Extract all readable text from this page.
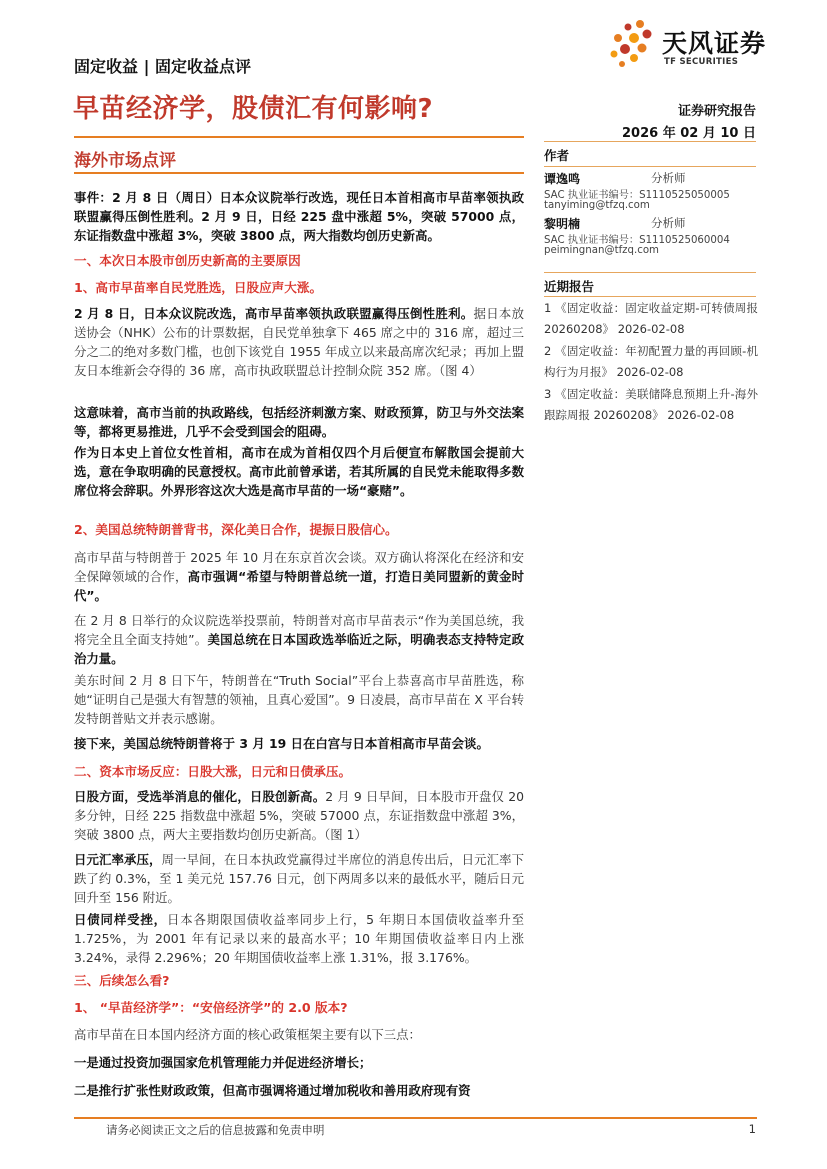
天风证券
TF SECURITIES
固定收益 | 固定收益点评
早苗经济学，股债汇有何影响?	证券研究报告
2026 年 02 月 10 日
海外市场点评	作者
谭逸鸣	分析师
SAC 执业证书编号：S1110525050005
tanyiming@tfzq.com
黎明楠	分析师
SAC 执业证书编号：S1110525060004
peimingnan@tfzq.com
近期报告
1 《固定收益：固定收益定期-可转债周报 20260208》 2026-02-08
2 《固定收益：年初配置力量的再回顾-机构行为月报》 2026-02-08
3 《固定收益：美联储降息预期上升-海外跟踪周报 20260208》 2026-02-08

事件：2 月 8 日（周日）日本众议院举行改选，现任日本首相高市早苗率领执政联盟赢得压倒性胜利。2 月 9 日，日经 225 盘中涨超 5%，突破 57000 点，东证指数盘中涨超 3%，突破 3800 点，两大指数均创历史新高。

一、本次日本股市创历史新高的主要原因
1、高市早苗率自民党胜选，日股应声大涨。

2 月 8 日，日本众议院改选，高市早苗率领执政联盟赢得压倒性胜利。据日本放送协会（NHK）公布的计票数据，自民党单独拿下 465 席之中的 316 席，超过三分之二的绝对多数门槛，也创下该党自 1955 年成立以来最高席次纪录；再加上盟友日本维新会夺得的 36 席，高市执政联盟总计控制众院 352 席。（图 4）

这意味着，高市当前的执政路线，包括经济刺激方案、财政预算，防卫与外交法案等，都将更易推进，几乎不会受到国会的阻碍。

作为日本史上首位女性首相，高市在成为首相仅四个月后便宣布解散国会提前大选，意在争取明确的民意授权。高市此前曾承诺，若其所属的自民党未能取得多数席位将会辞职。外界形容这次大选是高市早苗的一场“豪赌”。

2、美国总统特朗普背书，深化美日合作，提振日股信心。

高市早苗与特朗普于 2025 年 10 月在东京首次会谈。双方确认将深化在经济和安全保障领域的合作，高市强调“希望与特朗普总统一道，打造日美同盟新的黄金时代”。

在 2 月 8 日举行的众议院选举投票前，特朗普对高市早苗表示“作为美国总统，我将完全且全面支持她”。美国总统在日本国政选举临近之际，明确表态支持特定政治力量。

美东时间 2 月 8 日下午，特朗普在“Truth Social”平台上恭喜高市早苗胜选，称她“证明自己是强大有智慧的领袖，且真心爱国”。9 日凌晨，高市早苗在 X 平台转发特朗普贴文并表示感谢。

接下来，美国总统特朗普将于 3 月 19 日在白宫与日本首相高市早苗会谈。

二、资本市场反应：日股大涨，日元和日债承压。

日股方面，受选举消息的催化，日股创新高。2 月 9 日早间，日本股市开盘仅 20 多分钟，日经 225 指数盘中涨超 5%，突破 57000 点，东证指数盘中涨超 3%，突破 3800 点，两大主要指数均创历史新高。（图 1）

日元汇率承压，周一早间，在日本执政党赢得过半席位的消息传出后，日元汇率下跌了约 0.3%，至 1 美元兑 157.76 日元，创下两周多以来的最低水平，随后日元回升至 156 附近。

日债同样受挫，日本各期限国债收益率同步上行，5 年期日本国债收益率升至 1.725%，为 2001 年有记录以来的最高水平；10 年期国债收益率日内上涨 3.24%，录得 2.296%；20 年期国债收益率上涨 1.31%，报 3.176%。

三、后续怎么看?
1、 “早苗经济学”：“安倍经济学”的 2.0 版本?

高市早苗在日本国内经济方面的核心政策框架主要有以下三点：

一是通过投资加强国家危机管理能力并促进经济增长；

二是推行扩张性财政政策，但高市强调将通过增加税收和善用政府现有资

请务必阅读正文之后的信息披露和免责申明	1
